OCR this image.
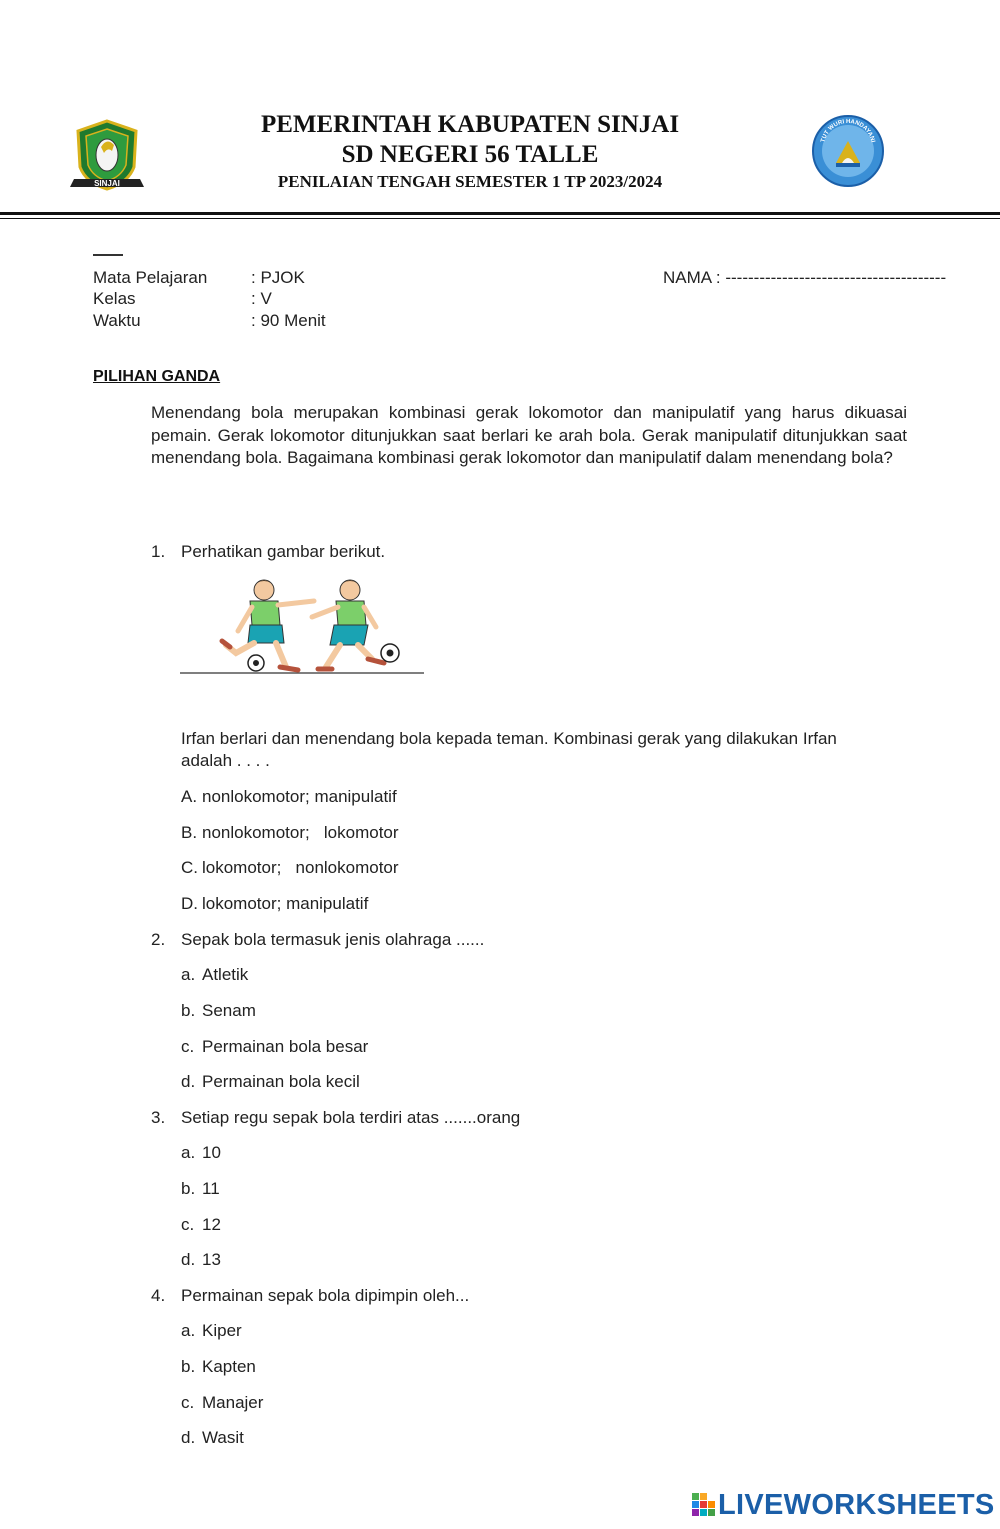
SINJAI
TUT WURI HANDAYANI
PEMERINTAH KABUPATEN SINJAI
SD NEGERI 56 TALLE
PENILAIAN TENGAH SEMESTER 1 TP 2023/2024
Mata Pelajaran	: PJOK
Kelas	: V
Waktu	: 90 Menit
NAMA : ---------------------------------------
PILIHAN GANDA
Menendang bola merupakan kombinasi gerak lokomotor dan manipulatif yang harus dikuasai pemain. Gerak lokomotor ditunjukkan saat berlari ke arah bola. Gerak manipulatif ditunjukkan saat menendang bola. Bagaimana kombinasi gerak lokomotor dan manipulatif dalam menendang bola?
1. Perhatikan gambar berikut.
Irfan berlari dan menendang bola kepada teman. Kombinasi gerak yang dilakukan Irfan adalah . . . .
A. nonlokomotor; manipulatif
B. nonlokomotor;   lokomotor
C. lokomotor;   nonlokomotor
D. lokomotor; manipulatif
2. Sepak bola termasuk jenis olahraga ......
a. Atletik
b. Senam
c. Permainan bola besar
d. Permainan bola kecil
3. Setiap regu sepak bola terdiri atas .......orang
a. 10
b. 11
c. 12
d. 13
4. Permainan sepak bola dipimpin oleh...
a. Kiper
b. Kapten
c. Manajer
d. Wasit
LIVEWORKSHEETS
